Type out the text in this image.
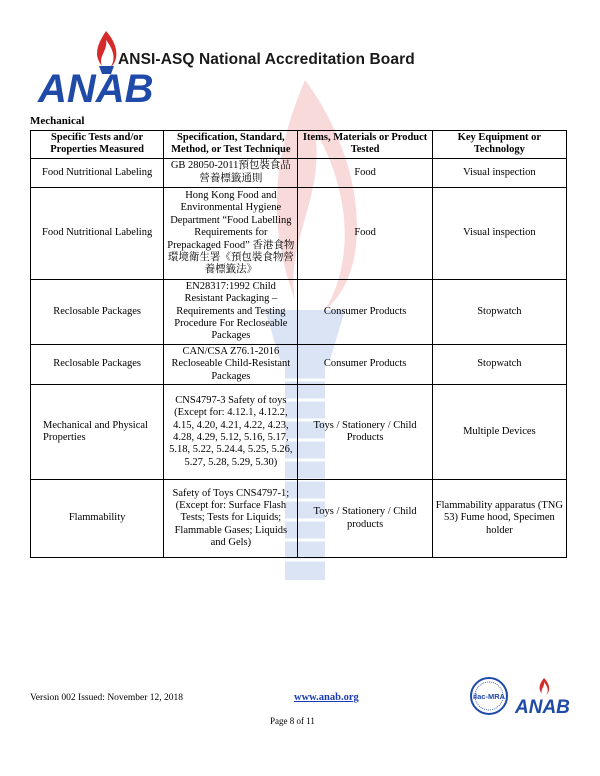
ANAB
ANSI-ASQ National Accreditation Board
Mechanical
Specific Tests and/or Properties Measured	Specification, Standard, Method, or Test Technique	Items, Materials or Product Tested	Key Equipment or Technology
Food Nutritional Labeling	GB 28050-2011預包裝食品營養標籤通則	Food	Visual inspection
Food Nutritional Labeling	Hong Kong Food and Environmental Hygiene Department “Food Labelling Requirements for Prepackaged Food” 香港食物環境衛生署《預包裝食物營養標籤法》	Food	Visual inspection
Reclosable Packages	EN28317:1992 Child Resistant Packaging – Requirements and Testing Procedure For Recloseable Packages	Consumer Products	Stopwatch
Reclosable Packages	CAN/CSA Z76.1-2016 Recloseable Child-Resistant Packages	Consumer Products	Stopwatch
Mechanical and Physical Properties	CNS4797-3 Safety of toys (Except for: 4.12.1, 4.12.2, 4.15, 4.20, 4.21, 4.22, 4.23, 4.28, 4.29, 5.12, 5.16, 5.17, 5.18, 5.22, 5.24.4, 5.25, 5.26, 5.27, 5.28, 5.29, 5.30)	Toys / Stationery / Child Products	Multiple Devices
Flammability	Safety of Toys CNS4797-1; (Except for: Surface Flash Tests; Tests for Liquids; Flammable Gases; Liquids and Gels)	Toys / Stationery / Child products	Flammability apparatus (TNG 53) Fume hood, Specimen holder
Version 002 Issued: November 12, 2018	www.anab.org
Page 8 of 11
ilac-MRA
ANAB
